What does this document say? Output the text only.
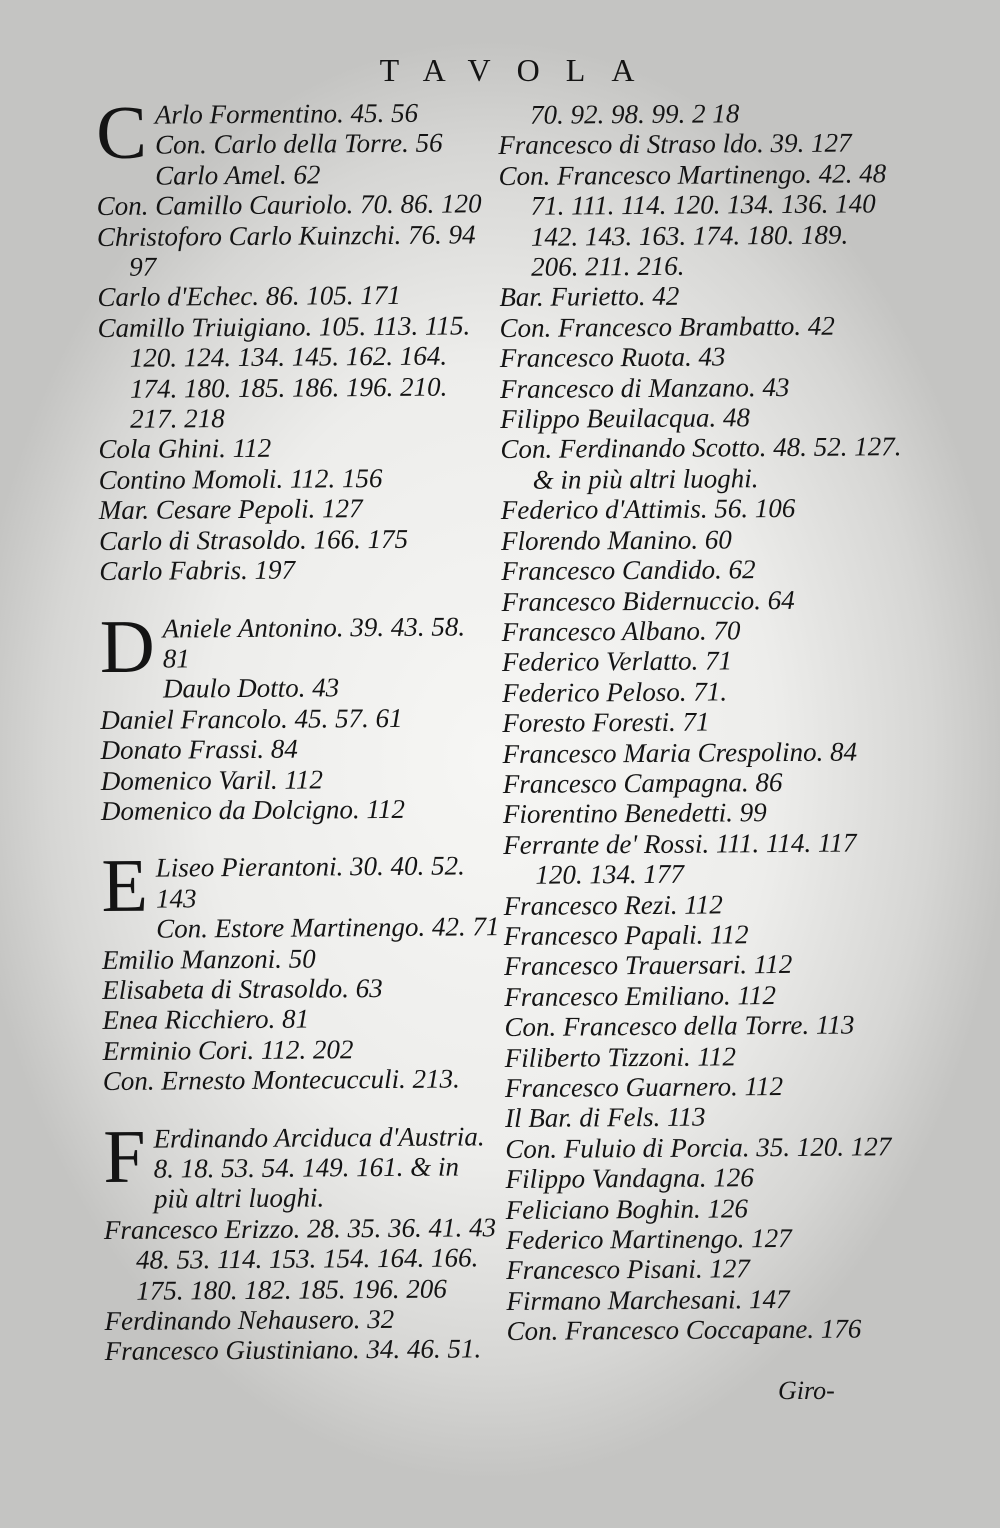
TAVOLA
C Arlo Formentino. 45. 56
Con. Carlo della Torre. 56
Carlo Amel. 62
Con. Camillo Cauriolo. 70. 86. 120
Christoforo Carlo Kuinzchi. 76. 94
97
Carlo d'Echec. 86. 105. 171
Camillo Triuigiano. 105. 113. 115.
120. 124. 134. 145. 162. 164.
174. 180. 185. 186. 196. 210.
217. 218
Cola Ghini. 112
Contino Momoli. 112. 156
Mar. Cesare Pepoli. 127
Carlo di Strasoldo. 166. 175
Carlo Fabris. 197
D Aniele Antonino. 39. 43. 58.
81
Daulo Dotto. 43
Daniel Francolo. 45. 57. 61
Donato Frassi. 84
Domenico Varil. 112
Domenico da Dolcigno. 112
E Liseo Pierantoni. 30. 40. 52.
143
Con. Estore Martinengo. 42. 71
Emilio Manzoni. 50
Elisabeta di Strasoldo. 63
Enea Ricchiero. 81
Erminio Cori. 112. 202
Con. Ernesto Montecucculi. 213.
F Erdinando Arciduca d'Austria.
8. 18. 53. 54. 149. 161. & in
più altri luoghi.
Francesco Erizzo. 28. 35. 36. 41. 43
48. 53. 114. 153. 154. 164. 166.
175. 180. 182. 185. 196. 206
Ferdinando Nehausero. 32
Francesco Giustiniano. 34. 46. 51.
70. 92. 98. 99. 2 18
Francesco di Straso ldo. 39. 127
Con. Francesco Martinengo. 42. 48
71. 111. 114. 120. 134. 136. 140
142. 143. 163. 174. 180. 189.
206. 211. 216.
Bar. Furietto. 42
Con. Francesco Brambatto. 42
Francesco Ruota. 43
Francesco di Manzano. 43
Filippo Beuilacqua. 48
Con. Ferdinando Scotto. 48. 52. 127.
& in più altri luoghi.
Federico d'Attimis. 56. 106
Florendo Manino. 60
Francesco Candido. 62
Francesco Bidernuccio. 64
Francesco Albano. 70
Federico Verlatto. 71
Federico Peloso. 71.
Foresto Foresti. 71
Francesco Maria Crespolino. 84
Francesco Campagna. 86
Fiorentino Benedetti. 99
Ferrante de' Rossi. 111. 114. 117
120. 134. 177
Francesco Rezi. 112
Francesco Papali. 112
Francesco Trauersari. 112
Francesco Emiliano. 112
Con. Francesco della Torre. 113
Filiberto Tizzoni. 112
Francesco Guarnero. 112
Il Bar. di Fels. 113
Con. Fuluio di Porcia. 35. 120. 127
Filippo Vandagna. 126
Feliciano Boghin. 126
Federico Martinengo. 127
Francesco Pisani. 127
Firmano Marchesani. 147
Con. Francesco Coccapane. 176
Giro-
